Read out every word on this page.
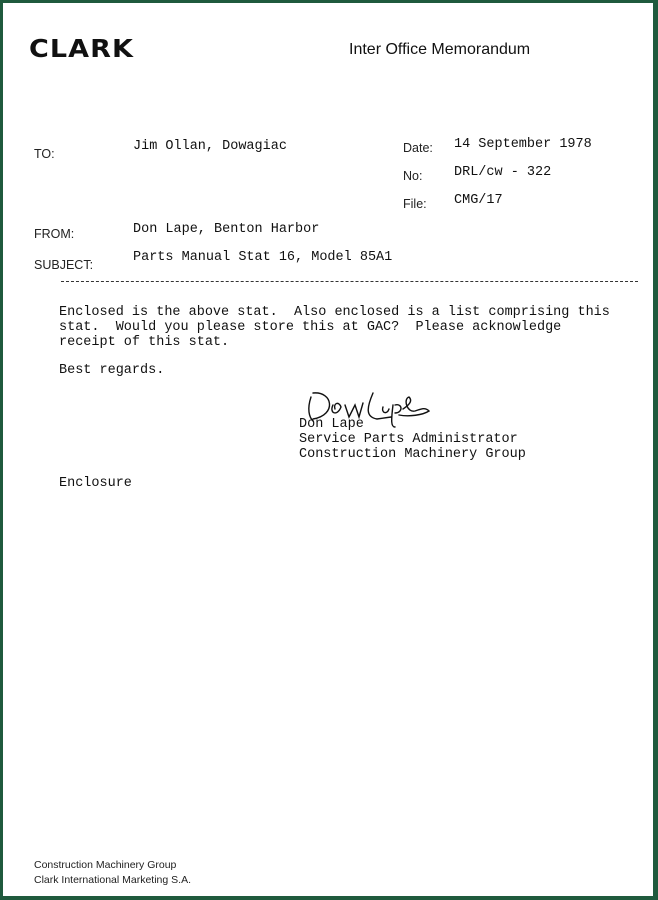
CLARK	Inter Office Memorandum
TO:	Jim Ollan, Dowagiac	Date: 14 September 1978
No: DRL/cw - 322
File: CMG/17
FROM:	Don Lape, Benton Harbor
SUBJECT:	Parts Manual Stat 16, Model 85A1
Enclosed is the above stat.  Also enclosed is a list comprising this
stat.  Would you please store this at GAC?  Please acknowledge
receipt of this stat.
Best regards.
Don Lape
Service Parts Administrator
Construction Machinery Group
Enclosure
Construction Machinery Group
Clark International Marketing S.A.
